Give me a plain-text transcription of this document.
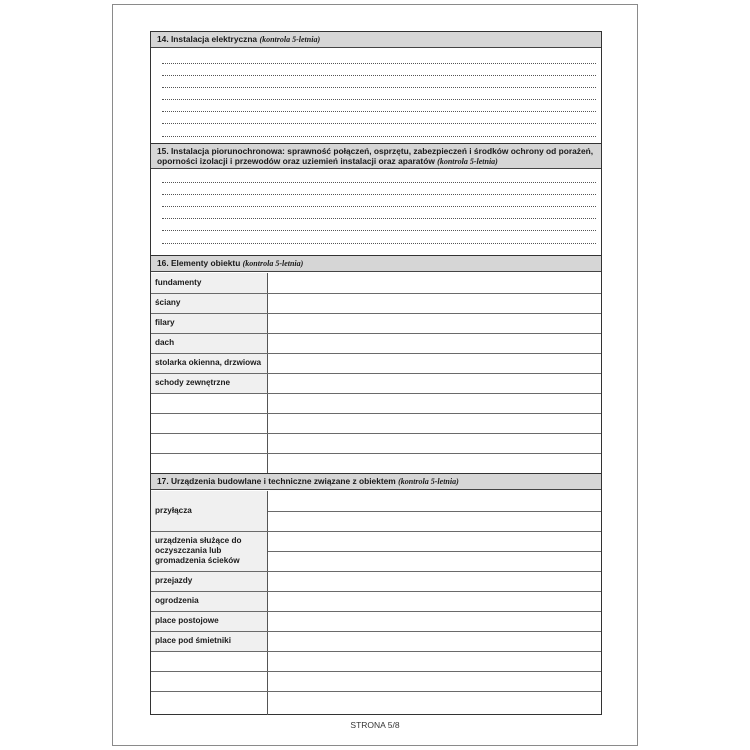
14. Instalacja elektryczna (kontrola 5-letnia)
15. Instalacja piorunochronowa: sprawność połączeń, osprzętu, zabezpieczeń i środków ochrony od porażeń, oporności izolacji i przewodów oraz uziemień instalacji oraz aparatów (kontrola 5-letnia)
16. Elementy obiektu (kontrola 5-letnia)
fundamenty
ściany
filary
dach
stolarka okienna, drzwiowa
schody zewnętrzne
17. Urządzenia budowlane i techniczne związane z obiektem (kontrola 5-letnia)
przyłącza
urządzenia służące do oczyszczania lub gromadzenia ścieków
przejazdy
ogrodzenia
place postojowe
place pod śmietniki
STRONA 5/8
